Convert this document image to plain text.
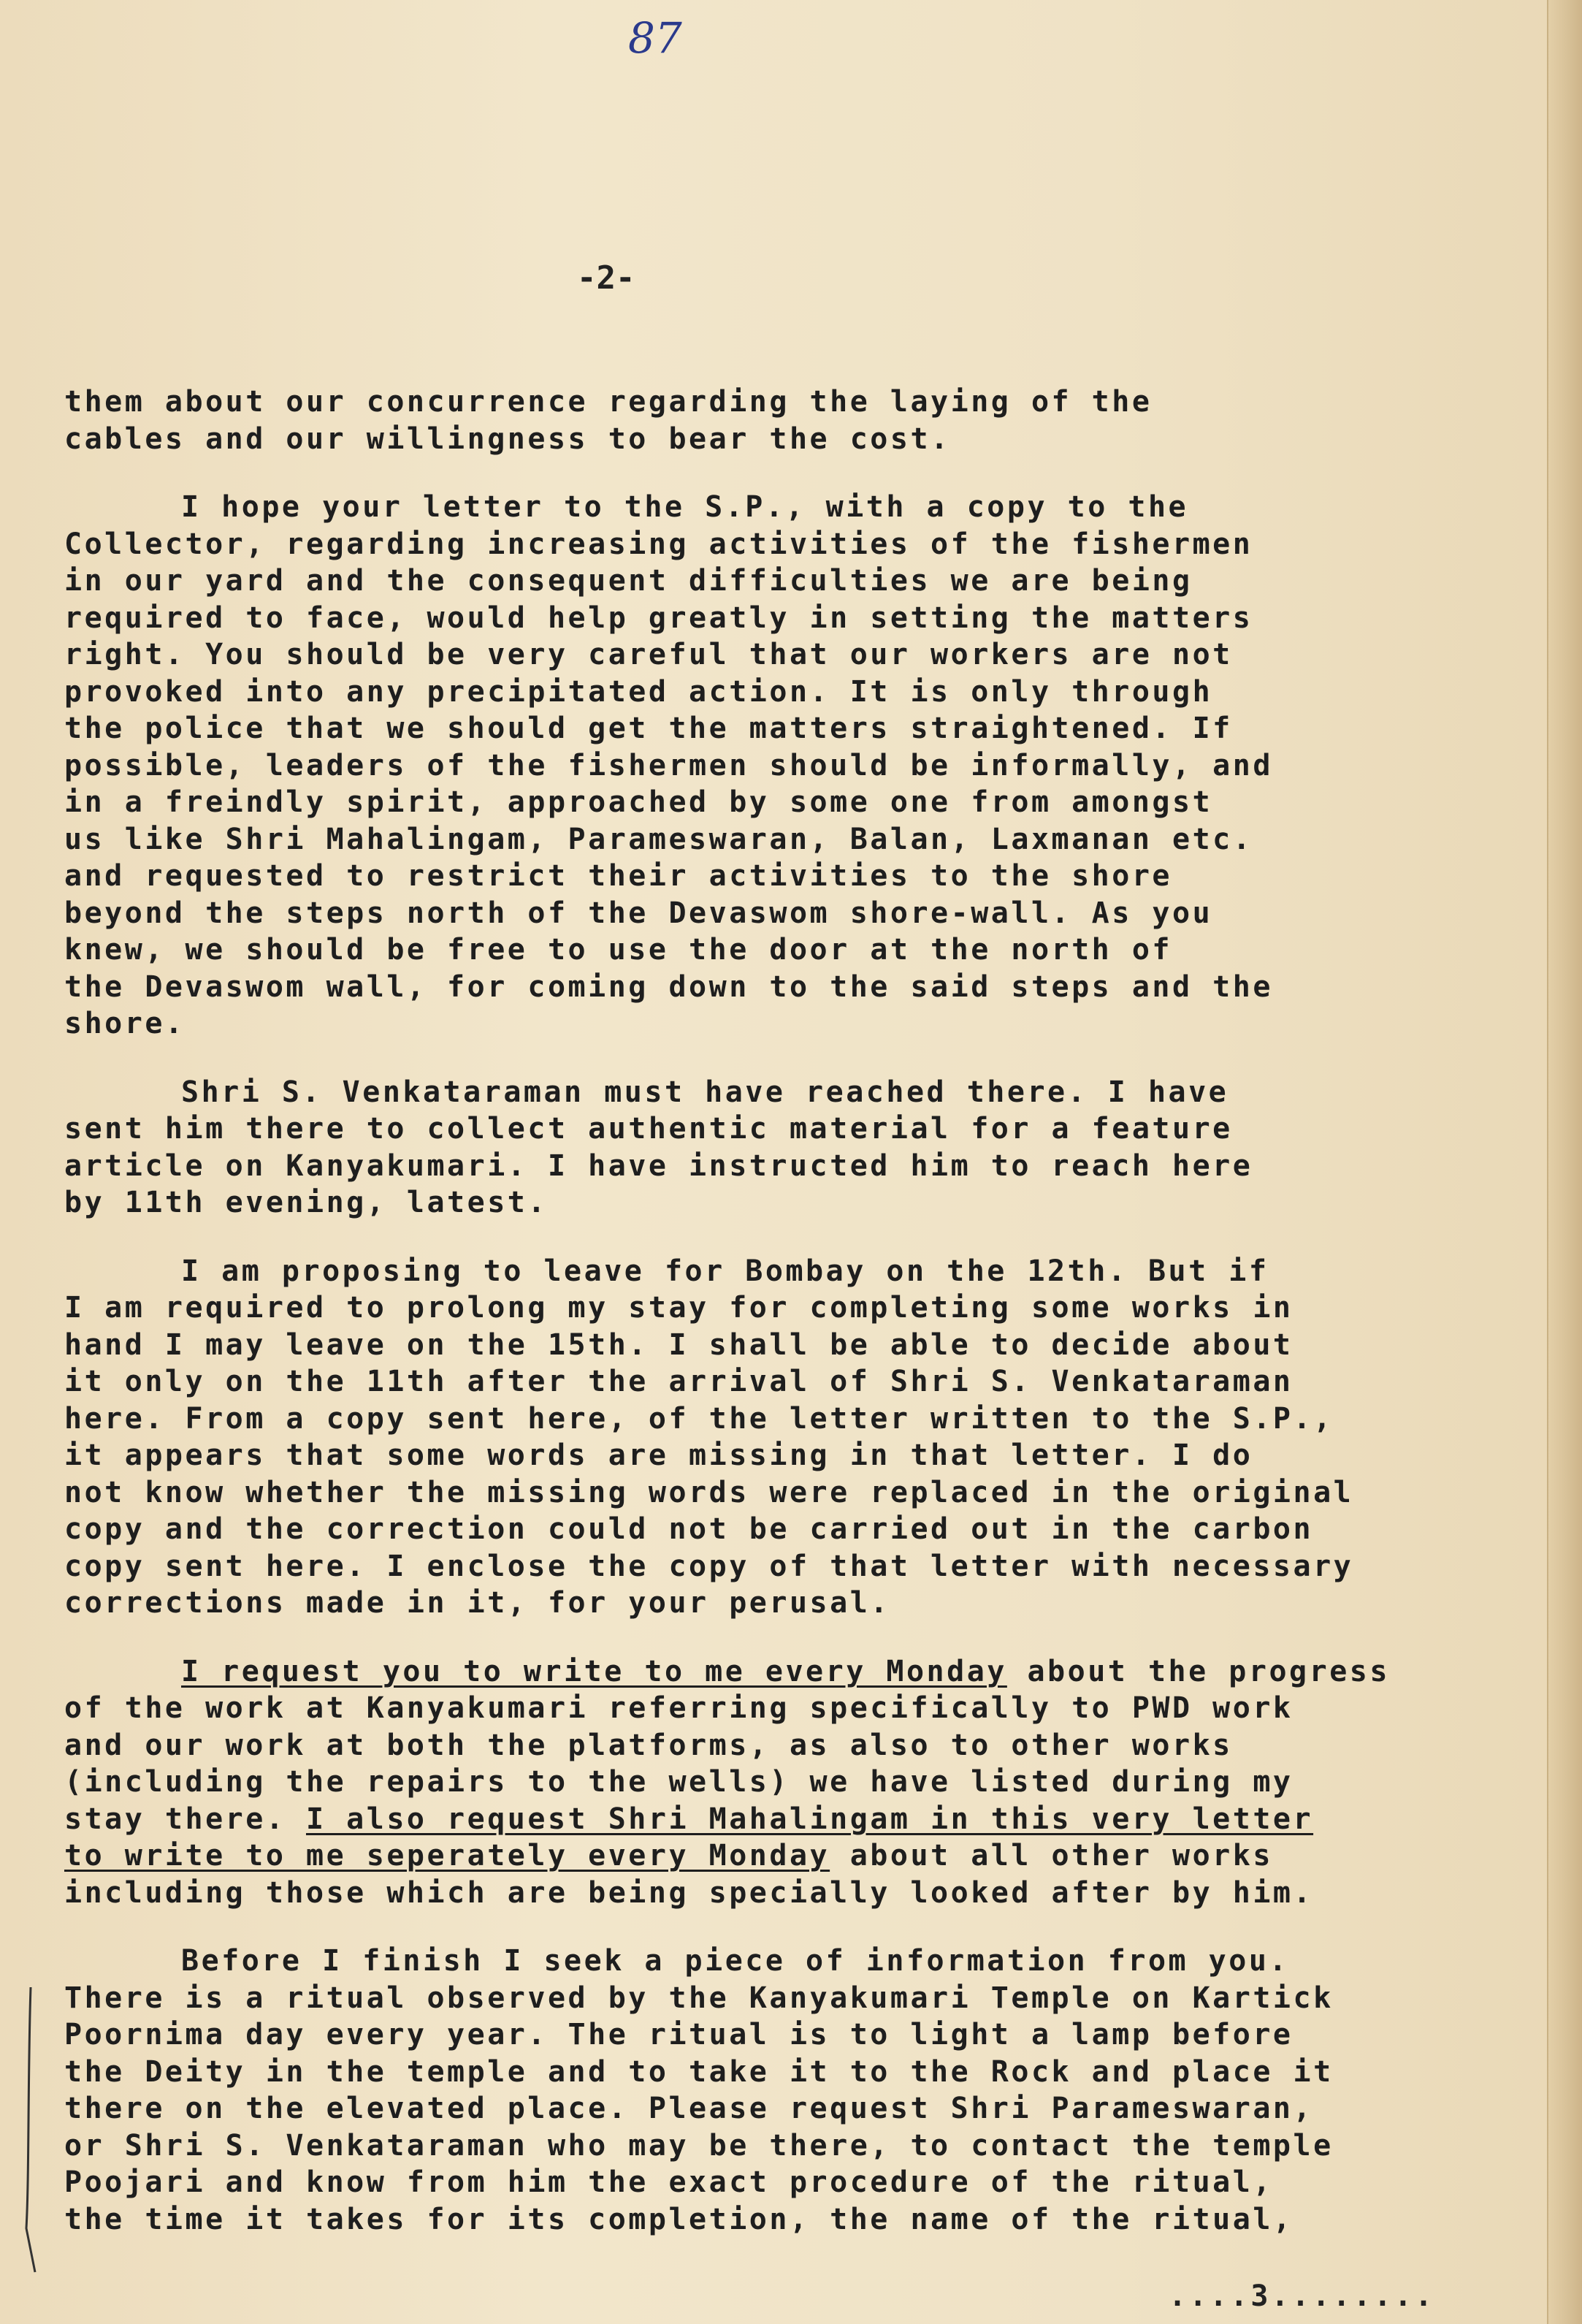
87
-2-
them about our concurrence regarding the laying of the
cables and our willingness to bear the cost.
I hope your letter to the S.P., with a copy to the
Collector, regarding increasing activities of the fishermen
in our yard and the consequent difficulties we are being
required to face, would help greatly in setting the matters
right. You should be very careful that our workers are not
provoked into any precipitated action. It is only through
the police that we should get the matters straightened. If
possible, leaders of the fishermen should be informally, and
in a freindly spirit, approached by some one from amongst
us like Shri Mahalingam, Parameswaran, Balan, Laxmanan etc.
and requested to restrict their activities to the shore
beyond the steps north of the Devaswom shore-wall. As you
knew, we should be free to use the door at the north of
the Devaswom wall, for coming down to the said steps and the
shore.
Shri S. Venkataraman must have reached there. I have
sent him there to collect authentic material for a feature
article on Kanyakumari. I have instructed him to reach here
by 11th evening, latest.
I am proposing to leave for Bombay on the 12th. But if
I am required to prolong my stay for completing some works in
hand I may leave on the 15th. I shall be able to decide about
it only on the 11th after the arrival of Shri S. Venkataraman
here. From a copy sent here, of the letter written to the S.P.,
it appears that some words are missing in that letter. I do
not know whether the missing words were replaced in the original
copy and the correction could not be carried out in the carbon
copy sent here. I enclose the copy of that letter with necessary
corrections made in it, for your perusal.
I request you to write to me every Monday about the progress
of the work at Kanyakumari referring specifically to PWD work
and our work at both the platforms, as also to other works
(including the repairs to the wells) we have listed during my
stay there. I also request Shri Mahalingam in this very letter
to write to me seperately every Monday about all other works
including those which are being specially looked after by him.
Before I finish I seek a piece of information from you.
There is a ritual observed by the Kanyakumari Temple on Kartick
Poornima day every year. The ritual is to light a lamp before
the Deity in the temple and to take it to the Rock and place it
there on the elevated place. Please request Shri Parameswaran,
or Shri S. Venkataraman who may be there, to contact the temple
Poojari and know from him the exact procedure of the ritual,
the time it takes for its completion, the name of the ritual,
....3........
